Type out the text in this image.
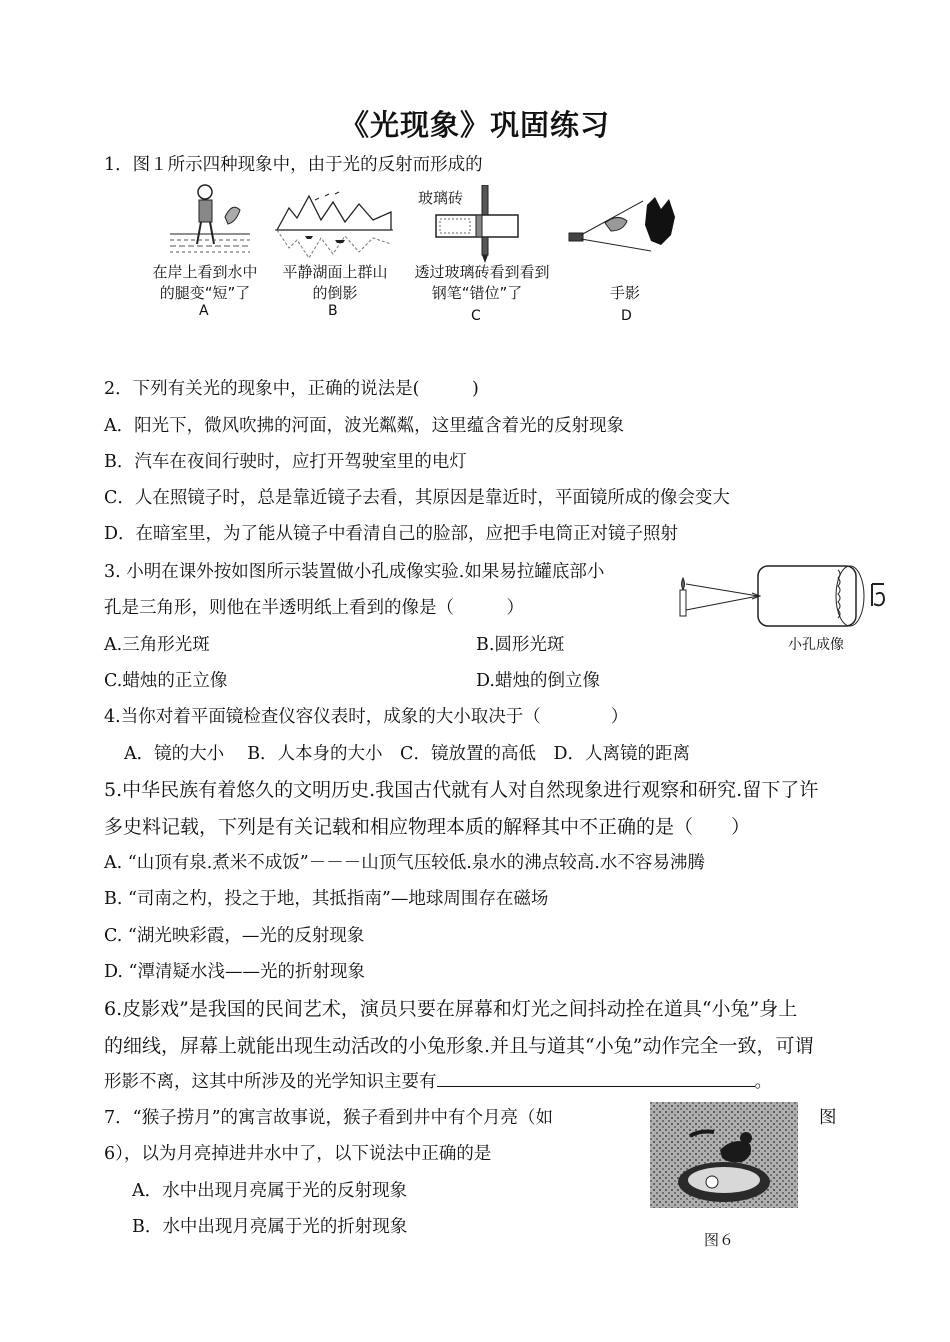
《光现象》巩固练习
1．图１所示四种现象中，由于光的反射而形成的
玻璃砖
在岸上看到水中
的腿变“短”了
A
平静湖面上群山
的倒影
B
透过玻璃砖看到看到
钢笔“错位”了
C
手影
D
2．下列有关光的现象中，正确的说法是(　　　)
A．阳光下，微风吹拂的河面，波光粼粼，这里蕴含着光的反射现象
B．汽车在夜间行驶时，应打开驾驶室里的电灯
C．人在照镜子时，总是靠近镜子去看，其原因是靠近时，平面镜所成的像会变大
D．在暗室里，为了能从镜子中看清自己的脸部，应把手电筒正对镜子照射
3. 小明在课外按如图所示装置做小孔成像实验.如果易拉罐底部小
孔是三角形，则他在半透明纸上看到的像是（　　　）
A.三角形光斑	B.圆形光斑
C.蜡烛的正立像	D.蜡烛的倒立像
小孔成像
4.当你对着平面镜检查仪容仪表时，成象的大小取决于（　　　　）
A．镜的大小　 B．人本身的大小　C．镜放置的高低　D．人离镜的距离
5.中华民族有着悠久的文明历史.我国古代就有人对自然现象进行观察和研究.留下了许
多史料记载，下列是有关记载和相应物理本质的解释其中不正确的是（　　）
A. “山顶有泉.煮米不成饭”－－－山顶气压较低.泉水的沸点较高.水不容易沸腾
B. “司南之杓，投之于地，其抵指南”—地球周围存在磁场
C. “湖光映彩霞，—光的反射现象
D. “潭清疑水浅——光的折射现象
6.皮影戏”是我国的民间艺术，演员只要在屏幕和灯光之间抖动拴在道具“小兔”身上
的细线，屏幕上就能出现生动活改的小兔形象.并且与道其“小兔”动作完全一致，可谓
形影不离，这其中所涉及的光学知识主要有	。
7．“猴子捞月”的寓言故事说，猴子看到井中有个月亮（如	图
6），以为月亮掉进井水中了，以下说法中正确的是
A．水中出现月亮属于光的反射现象
B．水中出现月亮属于光的折射现象
图６
